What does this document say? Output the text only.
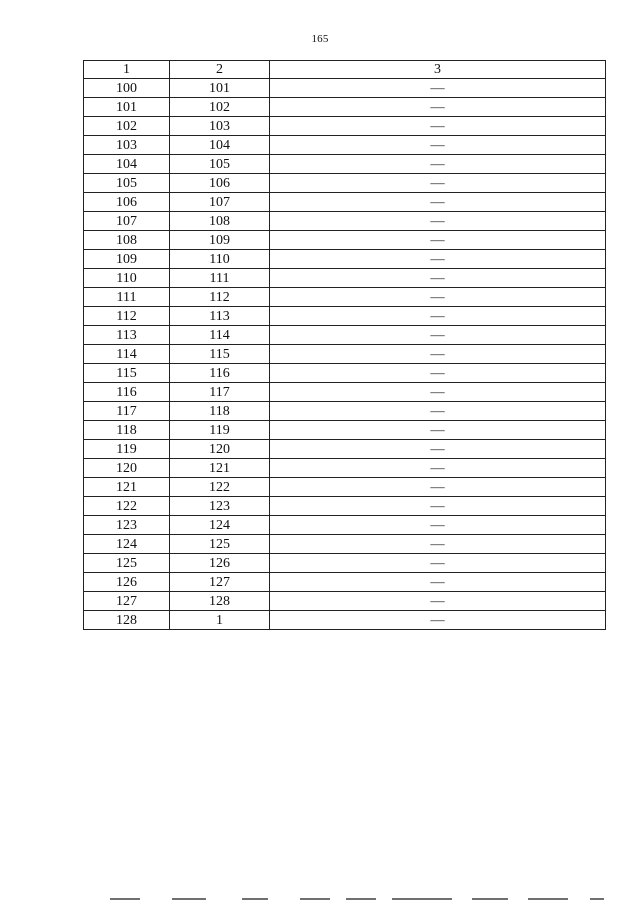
165
1	2	3
100	101	—
101	102	—
102	103	—
103	104	—
104	105	—
105	106	—
106	107	—
107	108	—
108	109	—
109	110	—
110	111	—
111	112	—
112	113	—
113	114	—
114	115	—
115	116	—
116	117	—
117	118	—
118	119	—
119	120	—
120	121	—
121	122	—
122	123	—
123	124	—
124	125	—
125	126	—
126	127	—
127	128	—
128	1	—
